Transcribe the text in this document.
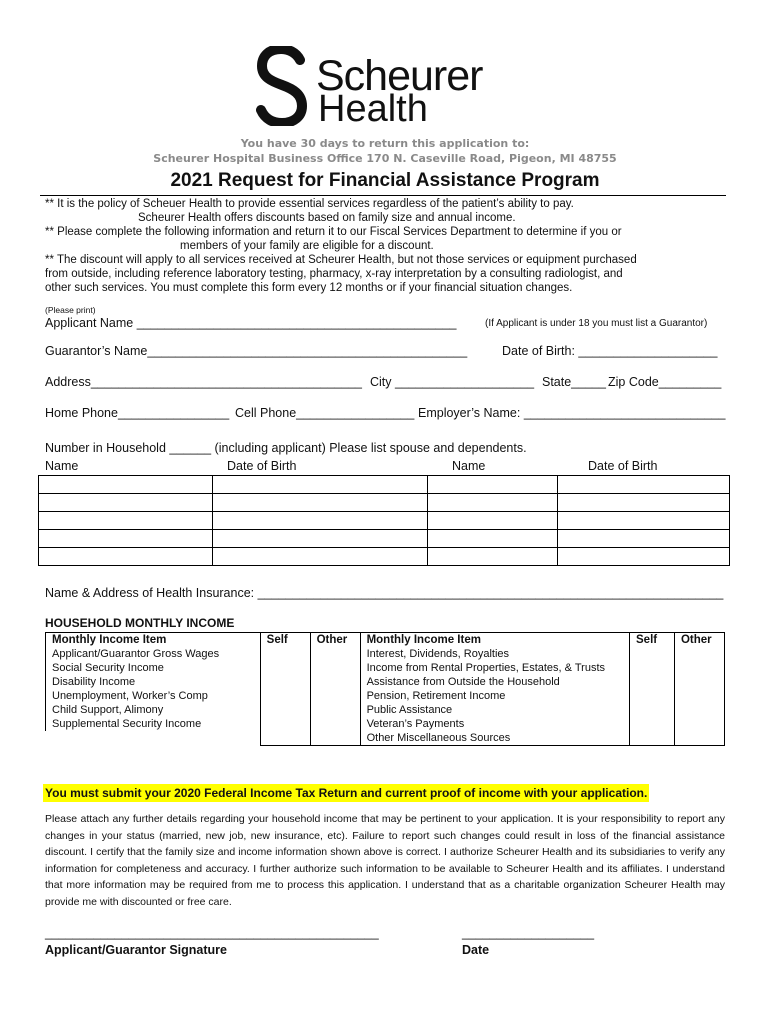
Scheurer
Health
You have 30 days to return this application to:
Scheurer Hospital Business Office 170 N. Caseville Road, Pigeon, MI 48755
2021 Request for Financial Assistance Program
** It is the policy of Scheuer Health to provide essential services regardless of the patient’s ability to pay.
Scheurer Health offers discounts based on family size and annual income.
** Please complete the following information and return it to our Fiscal Services Department to determine if you or
members of your family are eligible for a discount.
** The discount will apply to all services received at Scheurer Health, but not those services or equipment purchased
from outside, including reference laboratory testing, pharmacy, x-ray interpretation by a consulting radiologist, and
other such services. You must complete this form every 12 months or if your financial situation changes.
(Please print)
Applicant Name ______________________________________________	(If Applicant is under 18 you must list a Guarantor)
Guarantor’s Name______________________________________________	Date of Birth: ____________________
Address_______________________________________ City ____________________ State_____ Zip Code_________
Home Phone________________ Cell Phone_________________ Employer’s Name: _____________________________
Number in Household ______ (including applicant) Please list spouse and dependents.
Name	Date of Birth	Name	Date of Birth

Name & Address of Health Insurance: ___________________________________________________________________
HOUSEHOLD MONTHLY INCOME
Monthly Income Item	Self	Other	Monthly Income Item	Self	Other
Applicant/Guarantor Gross Wages			Interest, Dividends, Royalties		
Social Security Income			Income from Rental Properties, Estates, & Trusts		
Disability Income			Assistance from Outside the Household		
Unemployment, Worker’s Comp			Pension, Retirement Income		
Child Support, Alimony			Public Assistance		
Supplemental Security Income			Veteran’s Payments		
			Other Miscellaneous Sources		
You must submit your 2020 Federal Income Tax Return and current proof of income with your application.
Please attach any further details regarding your household income that may be pertinent to your application. It is your responsibility to report any changes in your status (married, new job, new insurance, etc). Failure to report such changes could result in loss of the financial assistance discount. I certify that the family size and income information shown above is correct. I authorize Scheurer Health and its subsidiaries to verify any information for completeness and accuracy. I further authorize such information to be available to Scheurer Health and its affiliates. I understand that more information may be required from me to process this application. I understand that as a charitable organization Scheurer Health may provide me with discounted or free care.
________________________________________________
Applicant/Guarantor Signature
___________________
Date
